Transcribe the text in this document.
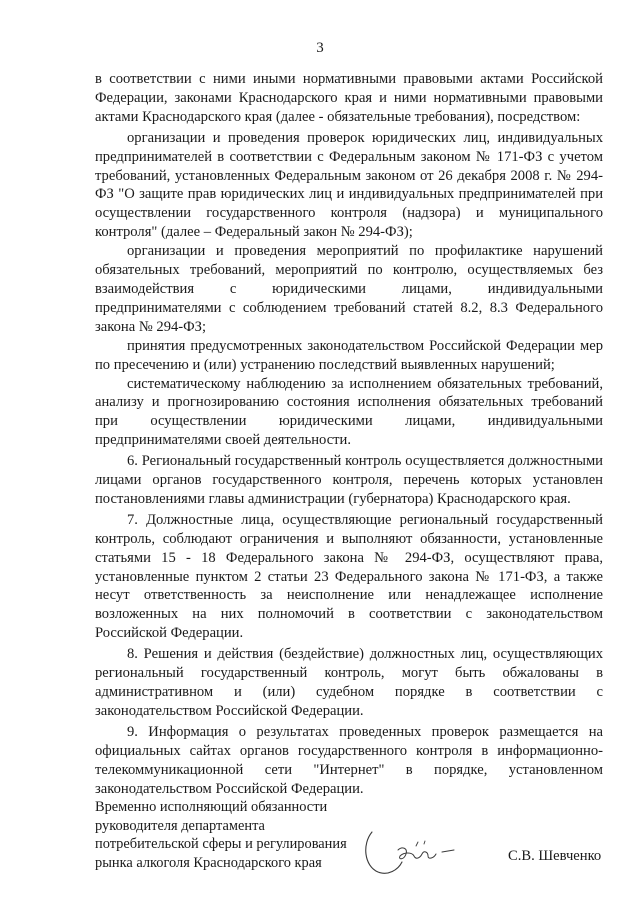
3

в соответствии с ними иными нормативными правовыми актами Российской Федерации, законами Краснодарского края и ними нормативными правовыми актами Краснодарского края (далее - обязательные требования), посредством:

организации и проведения проверок юридических лиц, индивидуальных предпринимателей в соответствии с Федеральным законом № 171-ФЗ с учетом требований, установленных Федеральным законом от 26 декабря 2008 г. № 294-ФЗ "О защите прав юридических лиц и индивидуальных предпринимателей при осуществлении государственного контроля (надзора) и муниципального контроля" (далее – Федеральный закон № 294-ФЗ);

организации и проведения мероприятий по профилактике нарушений обязательных требований, мероприятий по контролю, осуществляемых без взаимодействия с юридическими лицами, индивидуальными предпринимателями с соблюдением требований статей 8.2, 8.3 Федерального закона № 294-ФЗ;

принятия предусмотренных законодательством Российской Федерации мер по пресечению и (или) устранению последствий выявленных нарушений;

систематическому наблюдению за исполнением обязательных требований, анализу и прогнозированию состояния исполнения обязательных требований при осуществлении юридическими лицами, индивидуальными предпринимателями своей деятельности.

6. Региональный государственный контроль осуществляется должностными лицами органов государственного контроля, перечень которых установлен постановлениями главы администрации (губернатора) Краснодарского края.

7. Должностные лица, осуществляющие региональный государственный контроль, соблюдают ограничения и выполняют обязанности, установленные статьями 15 - 18 Федерального закона № 294-ФЗ, осуществляют права, установленные пунктом 2 статьи 23 Федерального закона № 171-ФЗ, а также несут ответственность за неисполнение или ненадлежащее исполнение возложенных на них полномочий в соответствии с законодательством Российской Федерации.

8. Решения и действия (бездействие) должностных лиц, осуществляющих региональный государственный контроль, могут быть обжалованы в административном и (или) судебном порядке в соответствии с законодательством Российской Федерации.

9. Информация о результатах проведенных проверок размещается на официальных сайтах органов государственного контроля в информационно-телекоммуникационной сети "Интернет" в порядке, установленном законодательством Российской Федерации.

Временно исполняющий обязанности
руководителя департамента
потребительской сферы и регулирования
рынка алкоголя Краснодарского края	С.В. Шевченко
